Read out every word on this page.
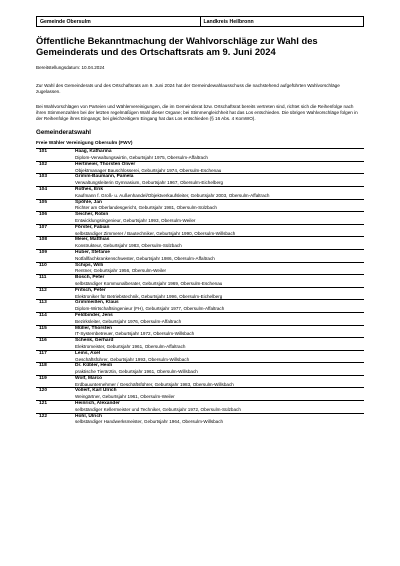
Gemeinde Obersulm	Landkreis Heilbronn
Öffentliche Bekanntmachung der Wahlvorschläge zur Wahl des Gemeinderats und des Ortschaftsrats am 9. Juni 2024
Bereitstellungsdatum: 10.04.2024
Zur Wahl des Gemeinderats und des Ortschaftsrats am 9. Juni 2024 hat der Gemeindewahlausschuss die nachstehend aufgeführten Wahlvorschläge zugelassen.
Bei Wahlvorschlägen von Parteien und Wählervereinigungen, die im Gemeinderat bzw. Ortschaftsrat bereits vertreten sind, richtet sich die Reihenfolge nach ihren Stimmenzahlen bei der letzten regelmäßigen Wahl dieser Organe; bei Stimmengleichheit hat das Los entschieden. Die übrigen Wahlvorschläge folgen in der Reihenfolge ihres Eingangs; bei gleichzeitigem Eingang hat das Los entschieden (§ 16 Abs. 4 KomWO).
Gemeinderatswahl
Freie Wähler Vereinigung Obersulm (FWV)
101	Haag, Katharina
Diplom-Verwaltungswirtin, Geburtsjahr 1975, Obersulm-Affaltrach

102	Hertmeier, Thorsten Oliver
Objektmanager Bauschlosserei, Geburtsjahr 1974, Obersulm-Eschenau

103	Grimm-Baumann, Pamela
Verwaltungsleiterin Gymnasium, Geburtsjahr 1967, Obersulm-Eichelberg

104	Rothes, Erik
Kaufmann f. Groß- u. Außenhandel/Objektverkaufsleiter, Geburtsjahr 2003, Obersulm-Affaltrach

105	Spöhle, Jan
Richter am Oberlandesgericht, Geburtsjahr 1981, Obersulm-Sülzbach

106	Seicher, Robin
Entwicklungsingenieur, Geburtsjahr 1993, Obersulm-Weiler

107	Förster, Fabian
selbständiger Zimmerer / Bautechniker, Geburtsjahr 1990, Obersulm-Willsbach

108	Meier, Matthias
Konstrukteur, Geburtsjahr 1983, Obersulm-Sülzbach

109	Huber, Stefanie
Notfallfachkrankenschwester, Geburtsjahr 1986, Obersulm-Affaltrach

110	Schips, Willi
Rentner, Geburtsjahr 1956, Obersulm-Weiler

111	Bosch, Peter
selbständiger Kommunalberater, Geburtsjahr 1969, Obersulm-Eschenau

112	Fritsch, Peter
Elektroniker für Betriebstechnik, Geburtsjahr 1996, Obersulm-Eichelberg

113	Grimmeißen, Klaus
Diplom-Wirtschaftsingenieur (FH), Geburtsjahr 1977, Obersulm-Affaltrach

114	Feldbinder, Jens
Bezirksleiter, Geburtsjahr 1976, Obersulm-Affaltrach

115	Müller, Thorsten
IT-Systembetreuer, Geburtsjahr 1972, Obersulm-Willsbach

116	Schenk, Gerhard
Elektromeister, Geburtsjahr 1961, Obersulm-Affaltrach

117	Leins, Axel
Geschäftsführer, Geburtsjahr 1993, Obersulm-Willsbach

118	Dr. Kübler, Heidi
praktische Tierärztin, Geburtsjahr 1961, Obersulm-Willsbach

119	Wolf, Marco
Erdbauunternehmer / Geschäftsführer, Geburtsjahr 1983, Obersulm-Willsbach

120	Vollert, Karl Ulrich
Weingärtner, Geburtsjahr 1961, Obersulm-Weiler

121	Heinrich, Alexander
selbständiger Kellermeister und Techniker, Geburtsjahr 1972, Obersulm-Sülzbach

122	Hohl, Ulrich
selbständiger Handwerksmeister, Geburtsjahr 1964, Obersulm-Willsbach
